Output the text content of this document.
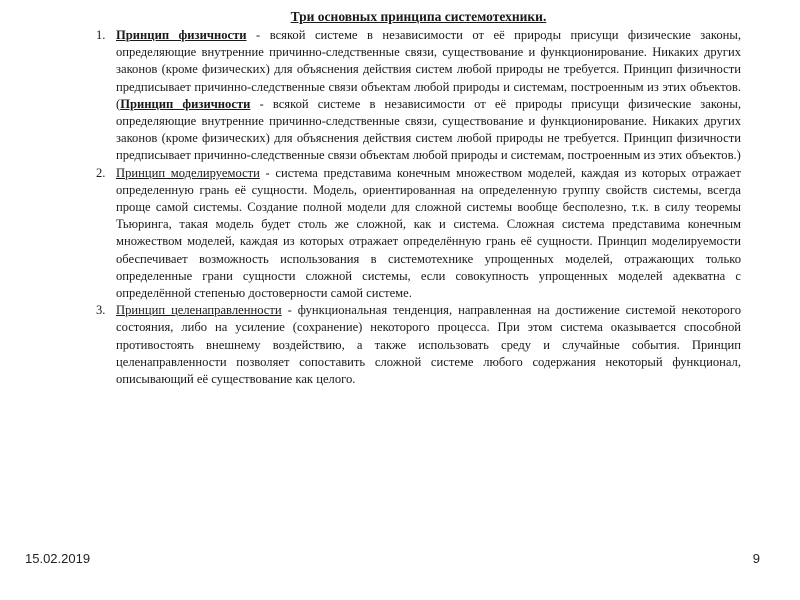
Три основных принципа системотехники.
1. Принцип физичности - всякой системе в независимости от её природы присущи физические законы, определяющие внутренние причинно-следственные связи, существование и функционирование. Никаких других законов (кроме физических) для объяснения действия систем любой природы не требуется. Принцип физичности предписывает причинно-следственные связи объектам любой природы и системам, построенным из этих объектов.(Принцип физичности - всякой системе в независимости от её природы присущи физические законы, определяющие внутренние причинно-следственные связи, существование и функционирование. Никаких других законов (кроме физических) для объяснения действия систем любой природы не требуется. Принцип физичности предписывает причинно-следственные связи объектам любой природы и системам, построенным из этих объектов.)
2. Принцип моделируемости - система представима конечным множеством моделей, каждая из которых отражает определенную грань её сущности. Модель, ориентированная на определенную группу свойств системы, всегда проще самой системы. Создание полной модели для сложной системы вообще бесполезно, т.к. в силу теоремы Тьюринга, такая модель будет столь же сложной, как и система. Сложная система представима конечным множеством моделей, каждая из которых отражает определённую грань её сущности. Принцип моделируемости обеспечивает возможность использования в системотехнике упрощенных моделей, отражающих только определенные грани сущности сложной системы, если совокупность упрощенных моделей адекватна с определённой степенью достоверности самой системе.
3. Принцип целенаправленности - функциональная тенденция, направленная на достижение системой некоторого состояния, либо на усиление (сохранение) некоторого процесса. При этом система оказывается способной противостоять внешнему воздействию, а также использовать среду и случайные события. Принцип целенаправленности позволяет сопоставить сложной системе любого содержания некоторый функционал, описывающий её существование как целого.
15.02.2019	9
